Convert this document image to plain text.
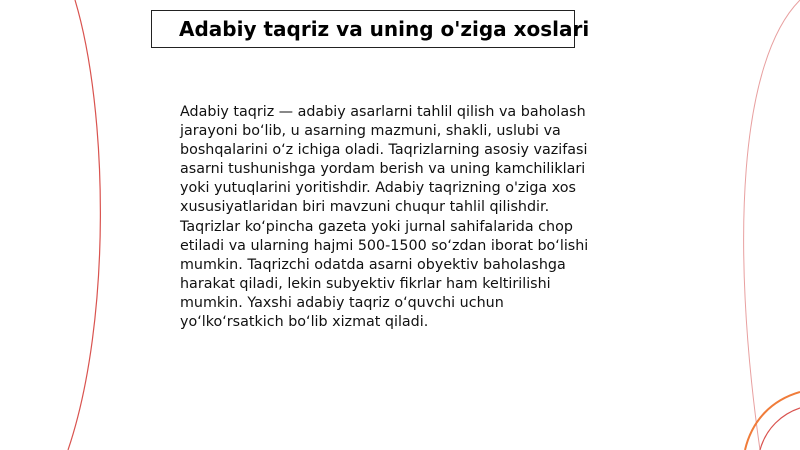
Adabiy taqriz va uning o'ziga xoslari

Adabiy taqriz — adabiy asarlarni tahlil qilish va baholash
jarayoni bo‘lib, u asarning mazmuni, shakli, uslubi va
boshqalarini o‘z ichiga oladi. Taqrizlarning asosiy vazifasi
asarni tushunishga yordam berish va uning kamchiliklari
yoki yutuqlarini yoritishdir. Adabiy taqrizning o'ziga xos
xususiyatlaridan biri mavzuni chuqur tahlil qilishdir.
Taqrizlar ko‘pincha gazeta yoki jurnal sahifalarida chop
etiladi va ularning hajmi 500-1500 so‘zdan iborat bo‘lishi
mumkin. Taqrizchi odatda asarni obyektiv baholashga
harakat qiladi, lekin subyektiv fikrlar ham keltirilishi
mumkin. Yaxshi adabiy taqriz o‘quvchi uchun
yo‘lko‘rsatkich bo‘lib xizmat qiladi.
